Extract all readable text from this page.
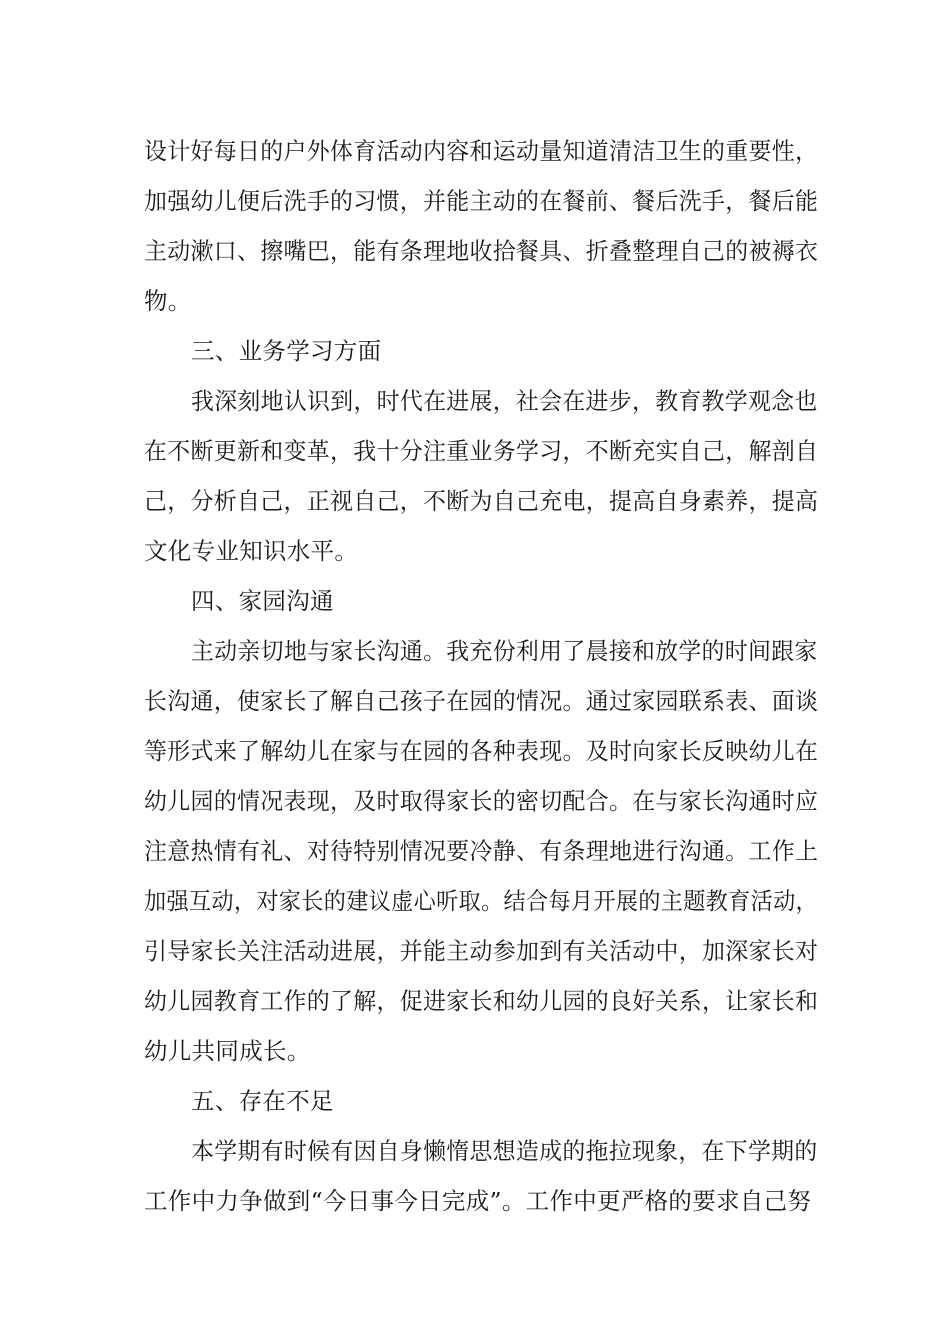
设计好每日的户外体育活动内容和运动量知道清洁卫生的重要性，
加强幼儿便后洗手的习惯，并能主动的在餐前、餐后洗手，餐后能
主动漱口、擦嘴巴，能有条理地收拾餐具、折叠整理自己的被褥衣
物。
三、业务学习方面
我深刻地认识到，时代在进展，社会在进步，教育教学观念也
在不断更新和变革，我十分注重业务学习，不断充实自己，解剖自
己，分析自己，正视自己，不断为自己充电，提高自身素养，提高
文化专业知识水平。
四、家园沟通
主动亲切地与家长沟通。我充份利用了晨接和放学的时间跟家
长沟通，使家长了解自己孩子在园的情况。通过家园联系表、面谈
等形式来了解幼儿在家与在园的各种表现。及时向家长反映幼儿在
幼儿园的情况表现，及时取得家长的密切配合。在与家长沟通时应
注意热情有礼、对待特别情况要冷静、有条理地进行沟通。工作上
加强互动，对家长的建议虚心听取。结合每月开展的主题教育活动，
引导家长关注活动进展，并能主动参加到有关活动中，加深家长对
幼儿园教育工作的了解，促进家长和幼儿园的良好关系，让家长和
幼儿共同成长。
五、存在不足
本学期有时候有因自身懒惰思想造成的拖拉现象，在下学期的
工作中力争做到“今日事今日完成”。工作中更严格的要求自己努
